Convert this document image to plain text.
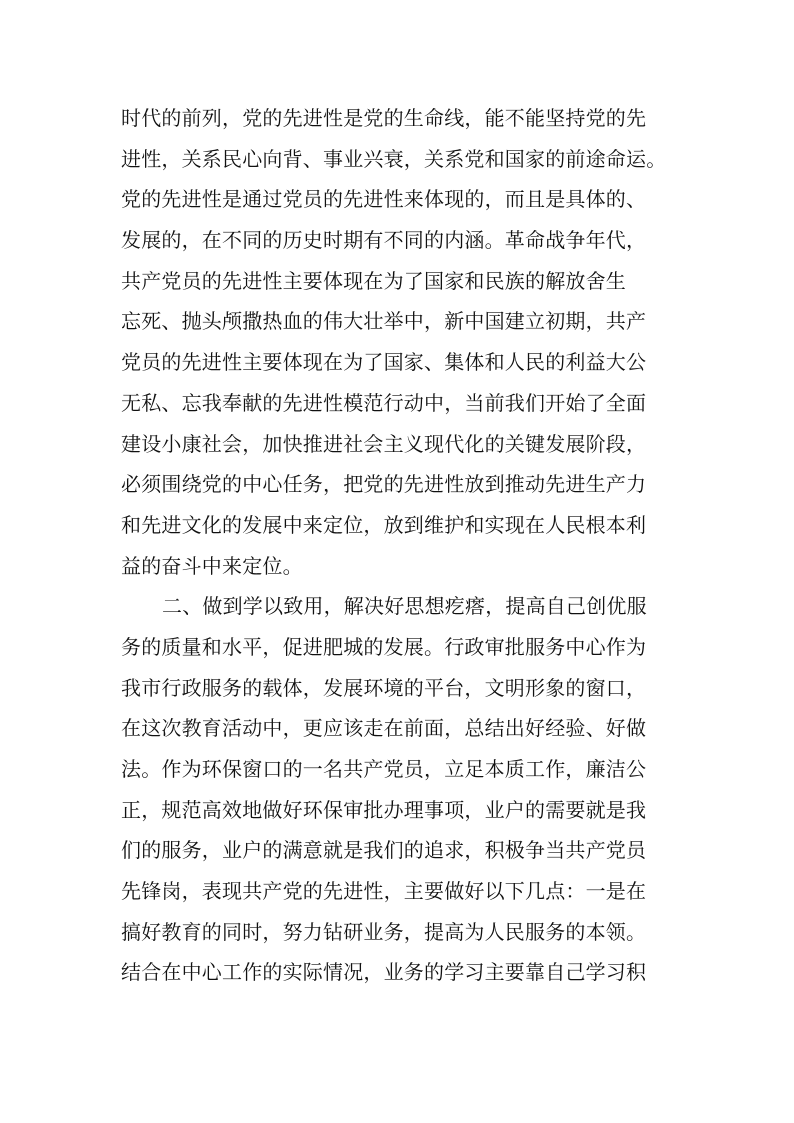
时代的前列，党的先进性是党的生命线，能不能坚持党的先
进性，关系民心向背、事业兴衰，关系党和国家的前途命运。
党的先进性是通过党员的先进性来体现的，而且是具体的、
发展的，在不同的历史时期有不同的内涵。革命战争年代，
共产党员的先进性主要体现在为了国家和民族的解放舍生
忘死、抛头颅撒热血的伟大壮举中，新中国建立初期，共产
党员的先进性主要体现在为了国家、集体和人民的利益大公
无私、忘我奉献的先进性模范行动中，当前我们开始了全面
建设小康社会，加快推进社会主义现代化的关键发展阶段，
必须围绕党的中心任务，把党的先进性放到推动先进生产力
和先进文化的发展中来定位，放到维护和实现在人民根本利
益的奋斗中来定位。
二、做到学以致用，解决好思想疙瘩，提高自己创优服
务的质量和水平，促进肥城的发展。行政审批服务中心作为
我市行政服务的载体，发展环境的平台，文明形象的窗口，
在这次教育活动中，更应该走在前面，总结出好经验、好做
法。作为环保窗口的一名共产党员，立足本质工作，廉洁公
正，规范高效地做好环保审批办理事项，业户的需要就是我
们的服务，业户的满意就是我们的追求，积极争当共产党员
先锋岗，表现共产党的先进性，主要做好以下几点：一是在
搞好教育的同时，努力钻研业务，提高为人民服务的本领。
结合在中心工作的实际情况，业务的学习主要靠自己学习积
